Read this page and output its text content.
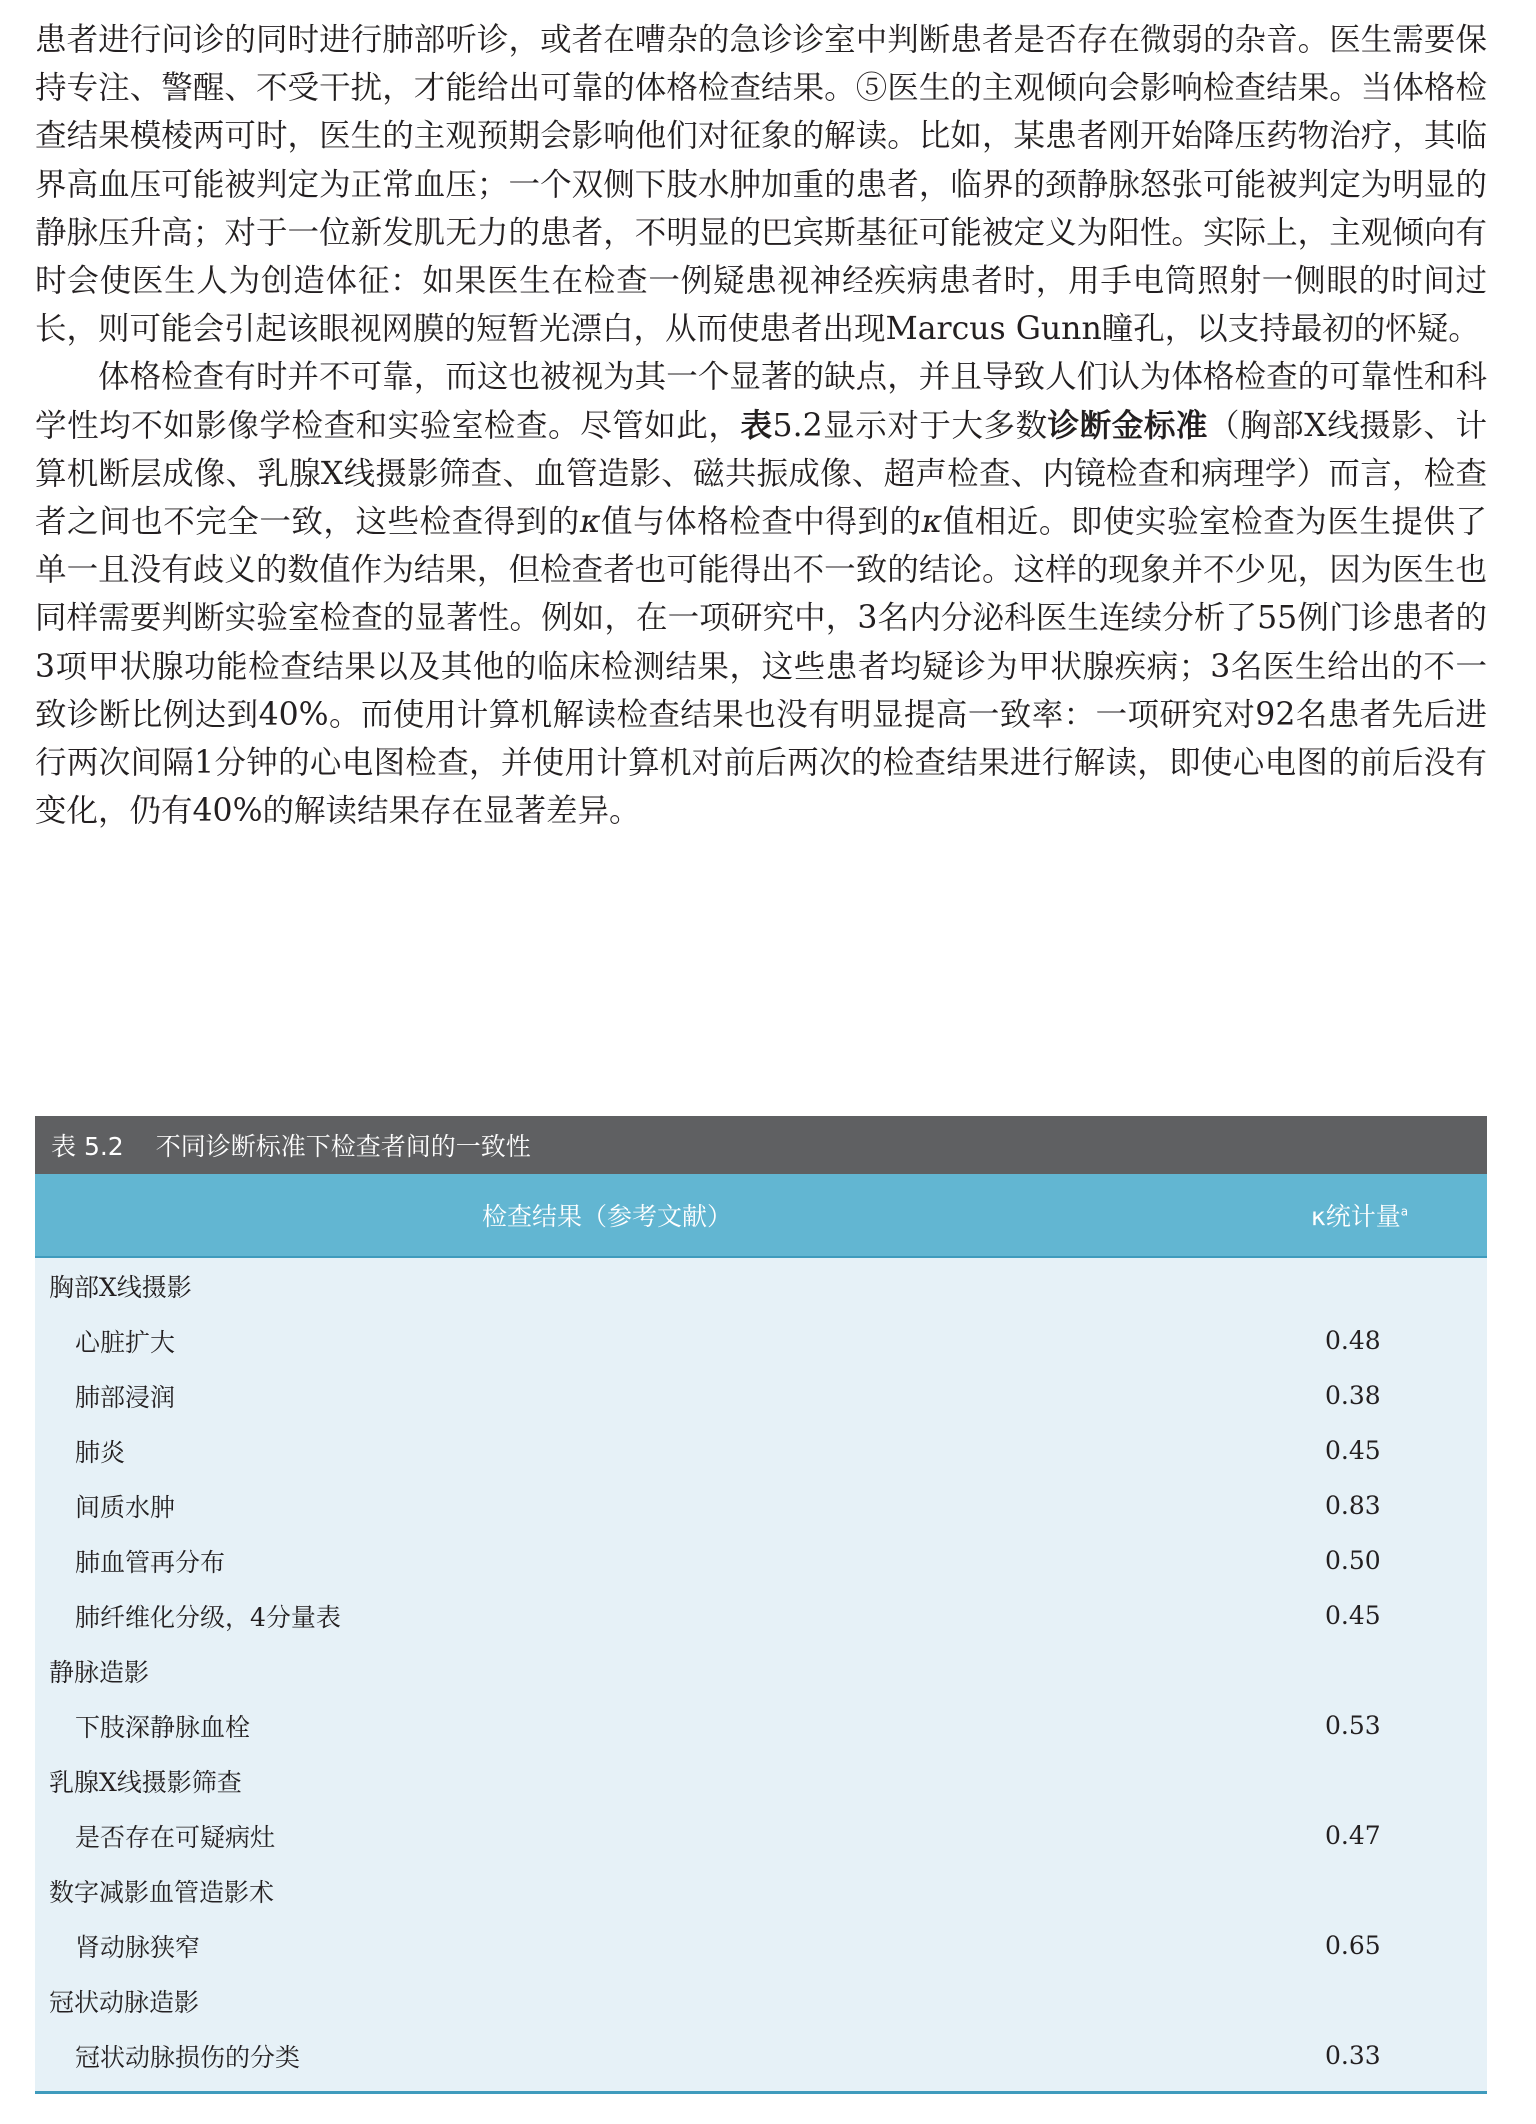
患者进行问诊的同时进行肺部听诊，或者在嘈杂的急诊诊室中判断患者是否存在微弱的杂音。医生需要保持专注、警醒、不受干扰，才能给出可靠的体格检查结果。⑤医生的主观倾向会影响检查结果。当体格检查结果模棱两可时，医生的主观预期会影响他们对征象的解读。比如，某患者刚开始降压药物治疗，其临界高血压可能被判定为正常血压；一个双侧下肢水肿加重的患者，临界的颈静脉怒张可能被判定为明显的静脉压升高；对于一位新发肌无力的患者，不明显的巴宾斯基征可能被定义为阳性。实际上，主观倾向有时会使医生人为创造体征：如果医生在检查一例疑患视神经疾病患者时，用手电筒照射一侧眼的时间过长，则可能会引起该眼视网膜的短暂光漂白，从而使患者出现Marcus Gunn瞳孔，以支持最初的怀疑。

体格检查有时并不可靠，而这也被视为其一个显著的缺点，并且导致人们认为体格检查的可靠性和科学性均不如影像学检查和实验室检查。尽管如此，表5.2显示对于大多数诊断金标准（胸部X线摄影、计算机断层成像、乳腺X线摄影筛查、血管造影、磁共振成像、超声检查、内镜检查和病理学）而言，检查者之间也不完全一致，这些检查得到的κ值与体格检查中得到的κ值相近。即使实验室检查为医生提供了单一且没有歧义的数值作为结果，但检查者也可能得出不一致的结论。这样的现象并不少见，因为医生也同样需要判断实验室检查的显著性。例如，在一项研究中，3名内分泌科医生连续分析了55例门诊患者的3项甲状腺功能检查结果以及其他的临床检测结果，这些患者均疑诊为甲状腺疾病；3名医生给出的不一致诊断比例达到40%。而使用计算机解读检查结果也没有明显提高一致率：一项研究对92名患者先后进行两次间隔1分钟的心电图检查，并使用计算机对前后两次的检查结果进行解读，即使心电图的前后没有变化，仍有40%的解读结果存在显著差异。

表 5.2 不同诊断标准下检查者间的一致性
检查结果（参考文献）	κ统计量$^a$
胸部X线摄影
心脏扩大	0.48
肺部浸润	0.38
肺炎	0.45
间质水肿	0.83
肺血管再分布	0.50
肺纤维化分级，4分量表	0.45
静脉造影
下肢深静脉血栓	0.53
乳腺X线摄影筛查
是否存在可疑病灶	0.47
数字减影血管造影术
肾动脉狭窄	0.65
冠状动脉造影
冠状动脉损伤的分类	0.33
